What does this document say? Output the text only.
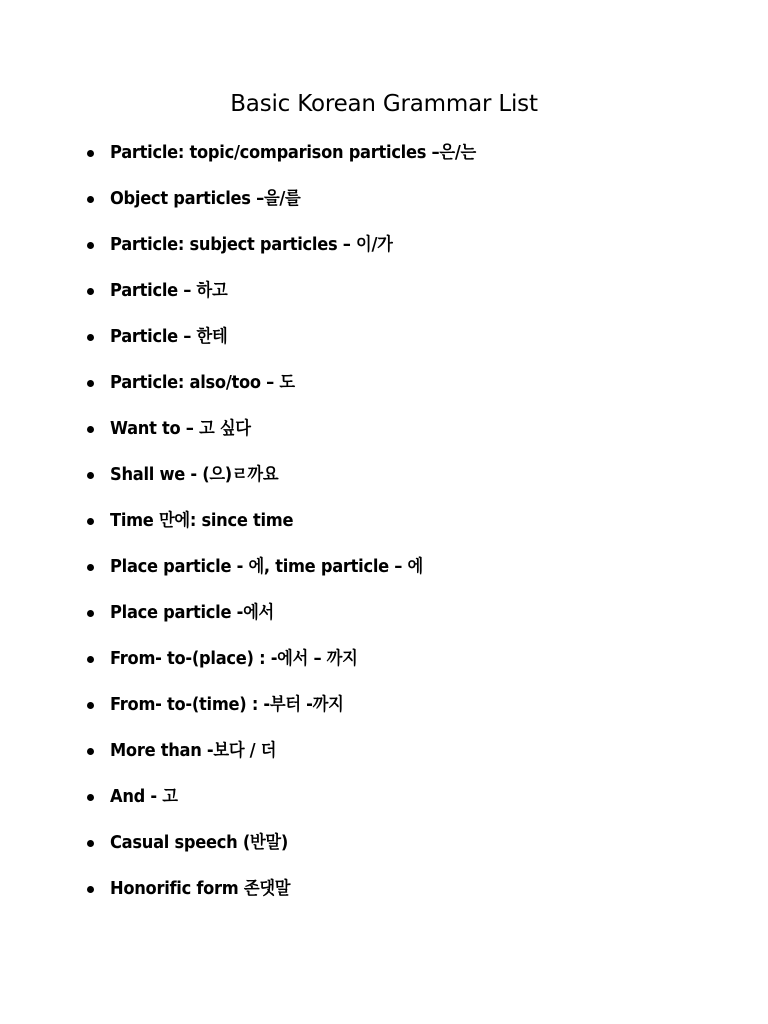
Basic Korean Grammar List
Particle: topic/comparison particles –은/는
Object particles –을/를
Particle: subject particles – 이/가
Particle – 하고
Particle – 한테
Particle: also/too – 도
Want to – 고 싶다
Shall we - (으)ㄹ까요
Time 만에: since time
Place particle - 에, time particle – 에
Place particle -에서
From- to-(place) : -에서 – 까지
From- to-(time) : -부터 -까지
More than -보다 / 더
And - 고
Casual speech (반말)
Honorific form 존댓말
